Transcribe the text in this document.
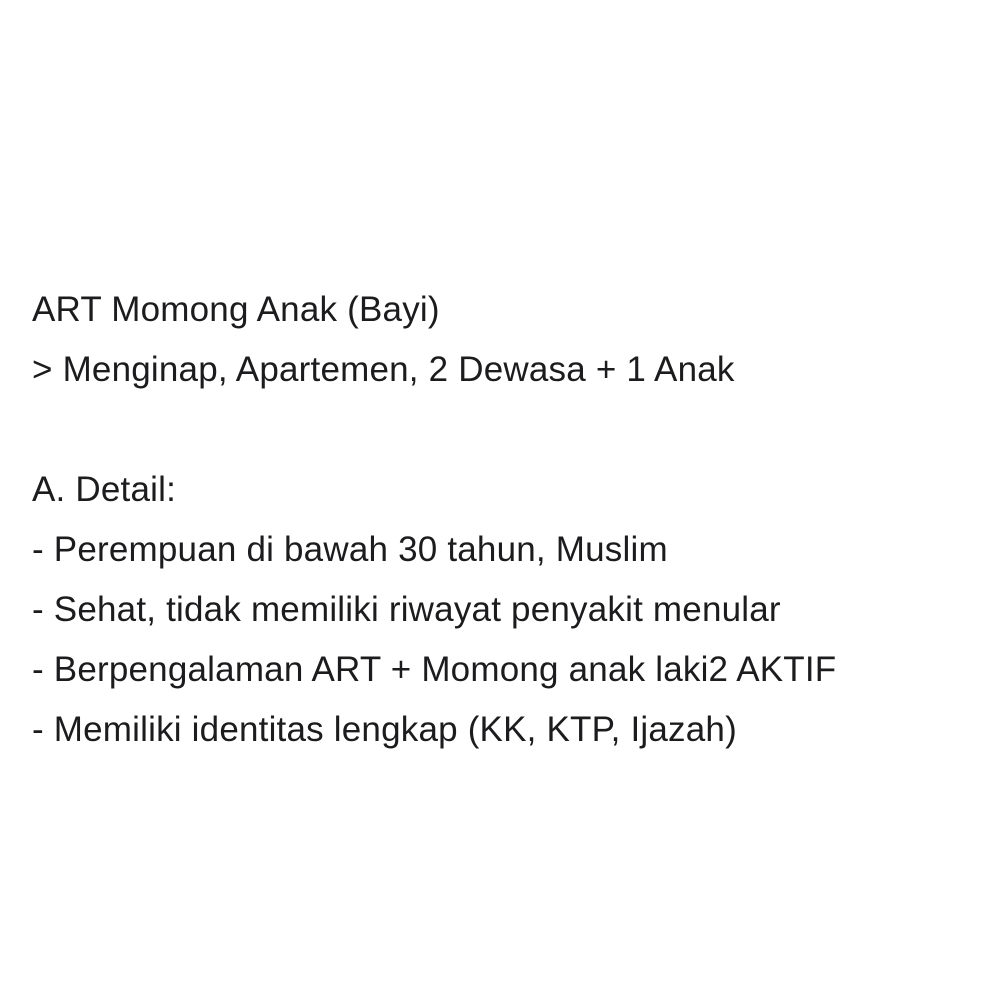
ART Momong Anak (Bayi)
> Menginap, Apartemen, 2 Dewasa + 1 Anak
A. Detail:
- Perempuan di bawah 30 tahun, Muslim
- Sehat, tidak memiliki riwayat penyakit menular
- Berpengalaman ART + Momong anak laki2 AKTIF
- Memiliki identitas lengkap (KK, KTP, Ijazah)
